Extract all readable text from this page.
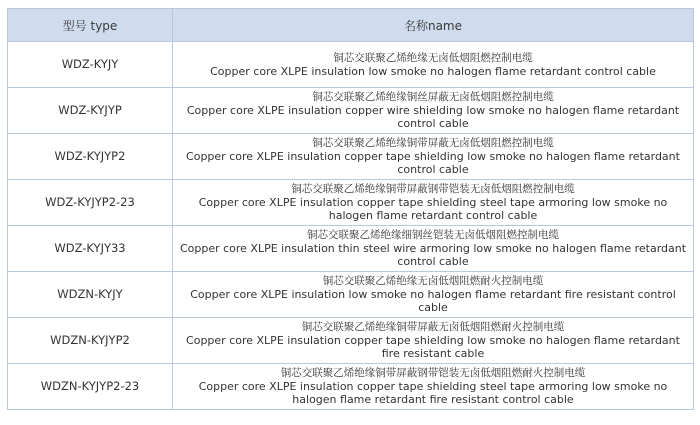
型号 type	名称name
WDZ-KYJY	铜芯交联聚乙烯绝缘无卤低烟阻燃控制电缆
Copper core XLPE insulation low smoke no halogen flame retardant control cable

WDZ-KYJYP	铜芯交联聚乙烯绝缘铜丝屏蔽无卤低烟阻燃控制电缆
Copper core XLPE insulation copper wire shielding low smoke no halogen flame retardant control cable

WDZ-KYJYP2	铜芯交联聚乙烯绝缘铜带屏蔽无卤低烟阻燃控制电缆
Copper core XLPE insulation copper tape shielding low smoke no halogen flame retardant control cable

WDZ-KYJYP2-23	铜芯交联聚乙烯绝缘铜带屏蔽钢带铠装无卤低烟阻燃控制电缆
Copper core XLPE insulation copper tape shielding steel tape armoring low smoke no halogen flame retardant control cable

WDZ-KYJY33	铜芯交联聚乙烯绝缘细钢丝铠装无卤低烟阻燃控制电缆
Copper core XLPE insulation thin steel wire armoring low smoke no halogen flame retardant control cable

WDZN-KYJY	铜芯交联聚乙烯绝缘无卤低烟阻燃耐火控制电缆
Copper core XLPE insulation low smoke no halogen flame retardant fire resistant control cable

WDZN-KYJYP2	铜芯交联聚乙烯绝缘铜带屏蔽无卤低烟阻燃耐火控制电缆
Copper core XLPE insulation copper tape shielding low smoke no halogen flame retardant fire resistant cable

WDZN-KYJYP2-23	铜芯交联聚乙烯绝缘铜带屏蔽钢带铠装无卤低烟阻燃耐火控制电缆
Copper core XLPE insulation copper tape shielding steel tape armoring low smoke no halogen flame retardant fire resistant control cable
